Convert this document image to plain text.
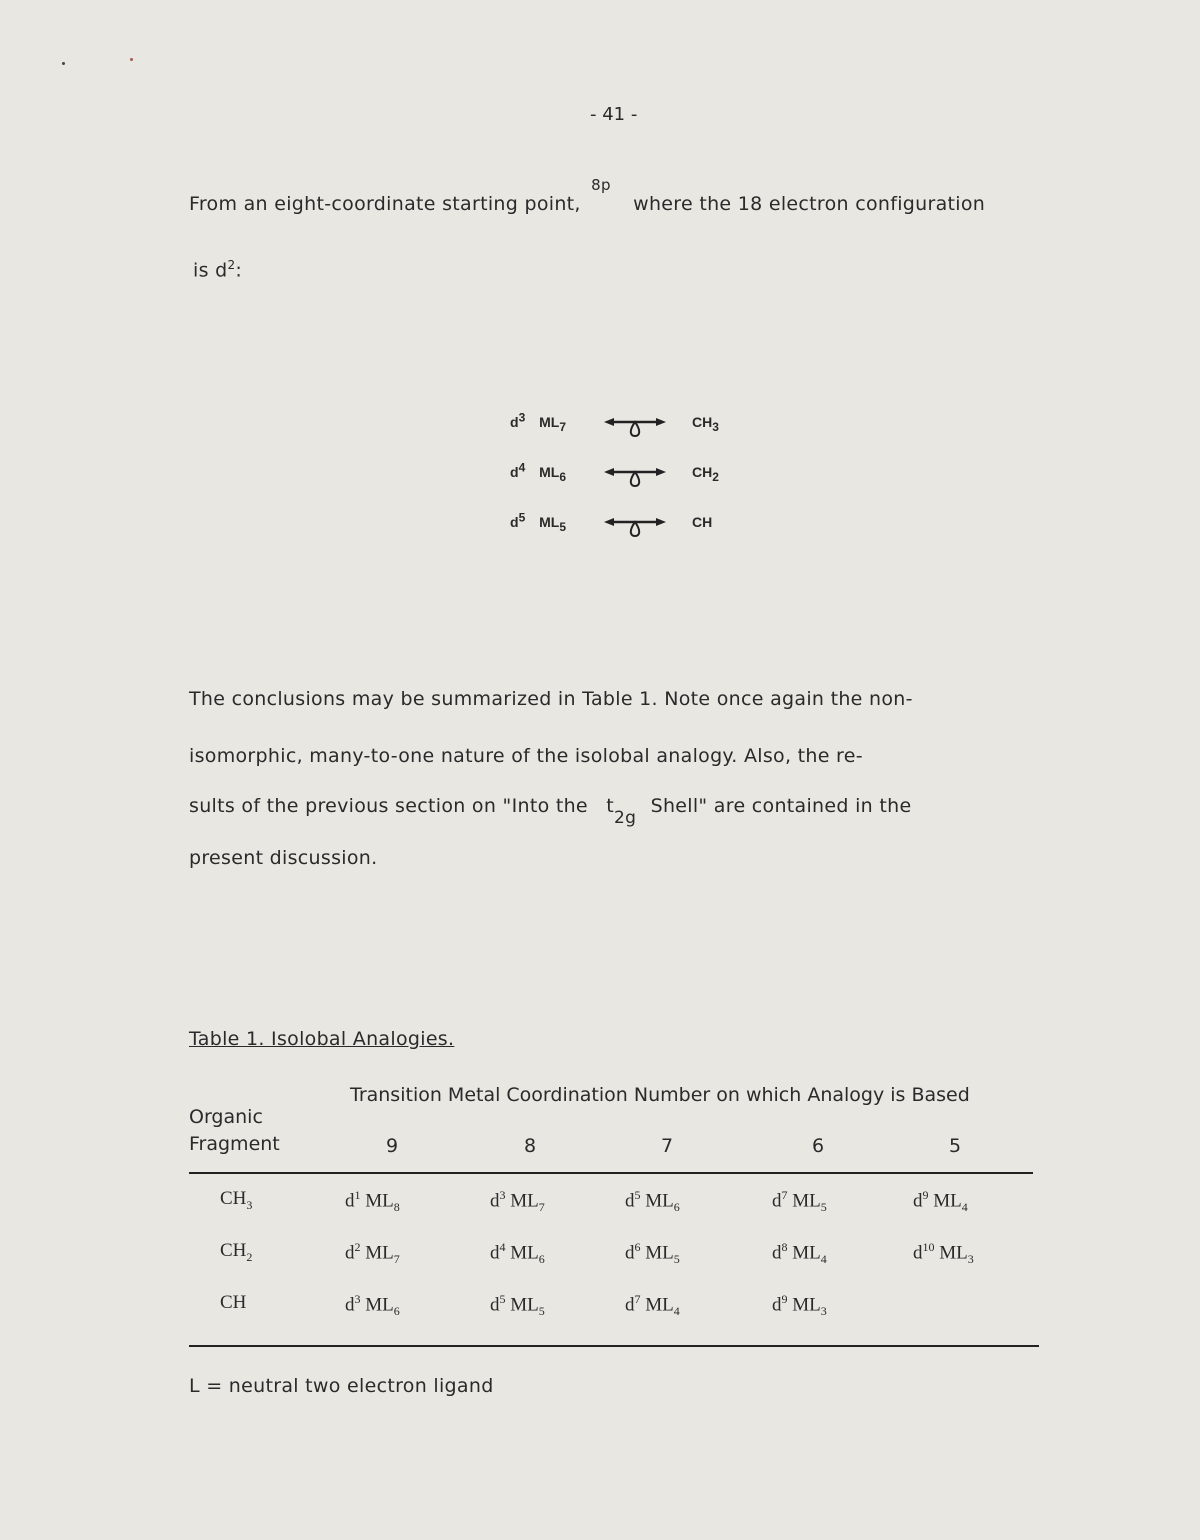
- 41 -
From an eight-coordinate starting point, $^{8p}$ where the 18 electron configuration
is $d^2$:
$d^3$ $ML_7$	$CH_3$
$d^4$ $ML_6$	$CH_2$
$d^5$ $ML_5$	CH
The conclusions may be summarized in Table 1. Note once again the non-
isomorphic, many-to-one nature of the isolobal analogy. Also, the re-
sults of the previous section on "Into the $t_{2g}$ Shell" are contained in the
present discussion.
Table 1. Isolobal Analogies.
Transition Metal Coordination Number on which Analogy is Based
Organic
Fragment	9	8	7	6	5
$CH_3$	$d^1$ $ML_8$	$d^3$ $ML_7$	$d^5$ $ML_6$	$d^7$ $ML_5$	$d^9$ $ML_4$
$CH_2$	$d^2$ $ML_7$	$d^4$ $ML_6$	$d^6$ $ML_5$	$d^8$ $ML_4$	$d^{10}$ $ML_3$
CH	$d^3$ $ML_6$	$d^5$ $ML_5$	$d^7$ $ML_4$	$d^9$ $ML_3$
L = neutral two electron ligand
